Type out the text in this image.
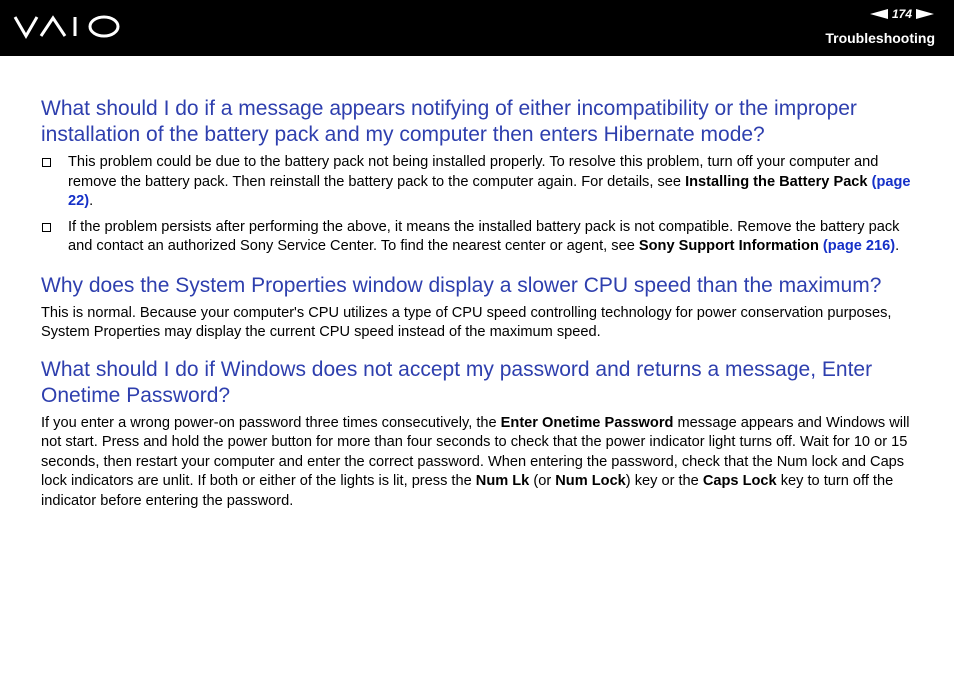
174
Troubleshooting
What should I do if a message appears notifying of either incompatibility or the improper installation of the battery pack and my computer then enters Hibernate mode?
This problem could be due to the battery pack not being installed properly. To resolve this problem, turn off your computer and remove the battery pack. Then reinstall the battery pack to the computer again. For details, see Installing the Battery Pack (page 22).
If the problem persists after performing the above, it means the installed battery pack is not compatible. Remove the battery pack and contact an authorized Sony Service Center. To find the nearest center or agent, see Sony Support Information (page 216).
Why does the System Properties window display a slower CPU speed than the maximum?

This is normal. Because your computer's CPU utilizes a type of CPU speed controlling technology for power conservation purposes, System Properties may display the current CPU speed instead of the maximum speed.

What should I do if Windows does not accept my password and returns a message, Enter Onetime Password?

If you enter a wrong power-on password three times consecutively, the Enter Onetime Password message appears and Windows will not start. Press and hold the power button for more than four seconds to check that the power indicator light turns off. Wait for 10 or 15 seconds, then restart your computer and enter the correct password. When entering the password, check that the Num lock and Caps lock indicators are unlit. If both or either of the lights is lit, press the Num Lk (or Num Lock) key or the Caps Lock key to turn off the indicator before entering the password.
